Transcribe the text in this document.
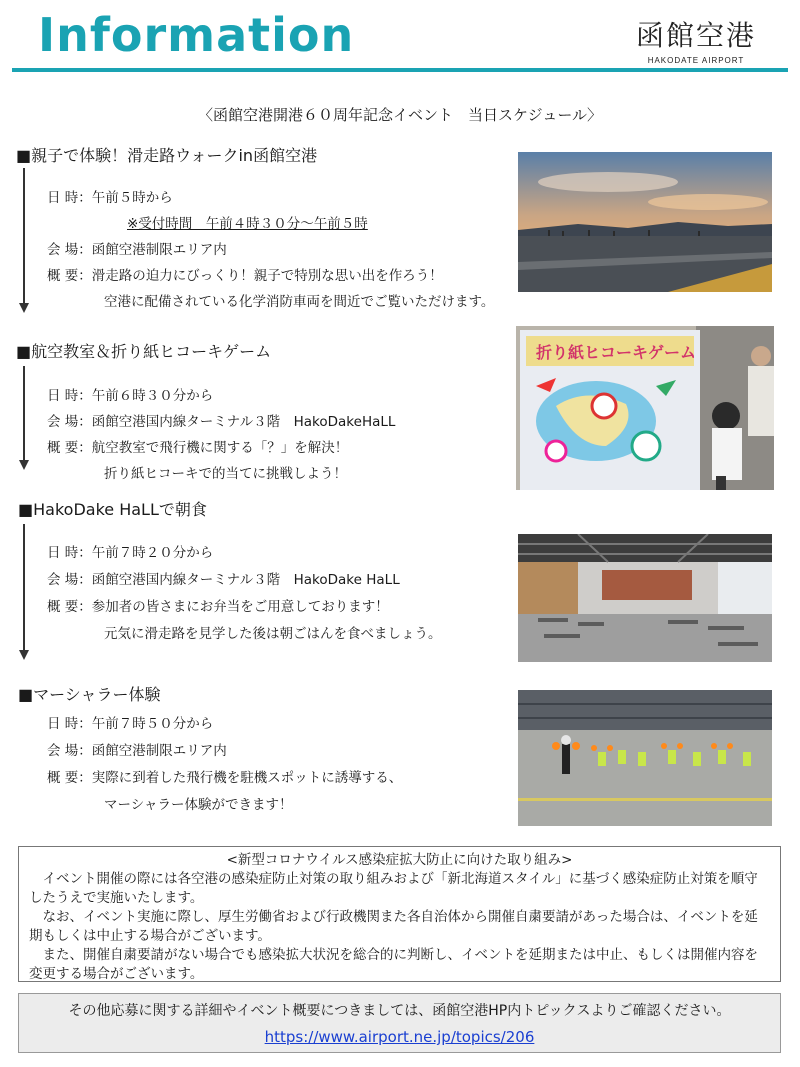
Information	函館空港
HAKODATE AIRPORT
〈函館空港開港６０周年記念イベント　当日スケジュール〉
■親子で体験！滑走路ウォークin函館空港
日 時：午前５時から
※受付時間　午前４時３０分～午前５時
会 場：函館空港制限エリア内
概 要：滑走路の迫力にびっくり！親子で特別な思い出を作ろう！
空港に配備されている化学消防車両を間近でご覧いただけます。
■航空教室＆折り紙ヒコーキゲーム
日 時：午前６時３０分から
会 場：函館空港国内線ターミナル３階　HakoDakeHaLL
概 要：航空教室で飛行機に関する「？」を解決！
折り紙ヒコーキで的当てに挑戦しよう！
折り紙ヒコーキゲーム
■HakoDake HaLLで朝食
日 時：午前７時２０分から
会 場：函館空港国内線ターミナル３階　HakoDake HaLL
概 要：参加者の皆さまにお弁当をご用意しております！
元気に滑走路を見学した後は朝ごはんを食べましょう。
■マーシャラー体験
日 時：午前７時５０分から
会 場：函館空港制限エリア内
概 要：実際に到着した飛行機を駐機スポットに誘導する、
マーシャラー体験ができます！
<新型コロナウイルス感染症拡大防止に向けた取り組み>

イベント開催の際には各空港の感染症防止対策の取り組みおよび「新北海道スタイル」に基づく感染症防止対策を順守したうえで実施いたします。

なお、イベント実施に際し、厚生労働省および行政機関また各自治体から開催自粛要請があった場合は、イベントを延期もしくは中止する場合がございます。

また、開催自粛要請がない場合でも感染拡大状況を総合的に判断し、イベントを延期または中止、もしくは開催内容を変更する場合がございます。

その他応募に関する詳細やイベント概要につきましては、函館空港HP内トピックスよりご確認ください。
https://www.airport.ne.jp/topics/206
